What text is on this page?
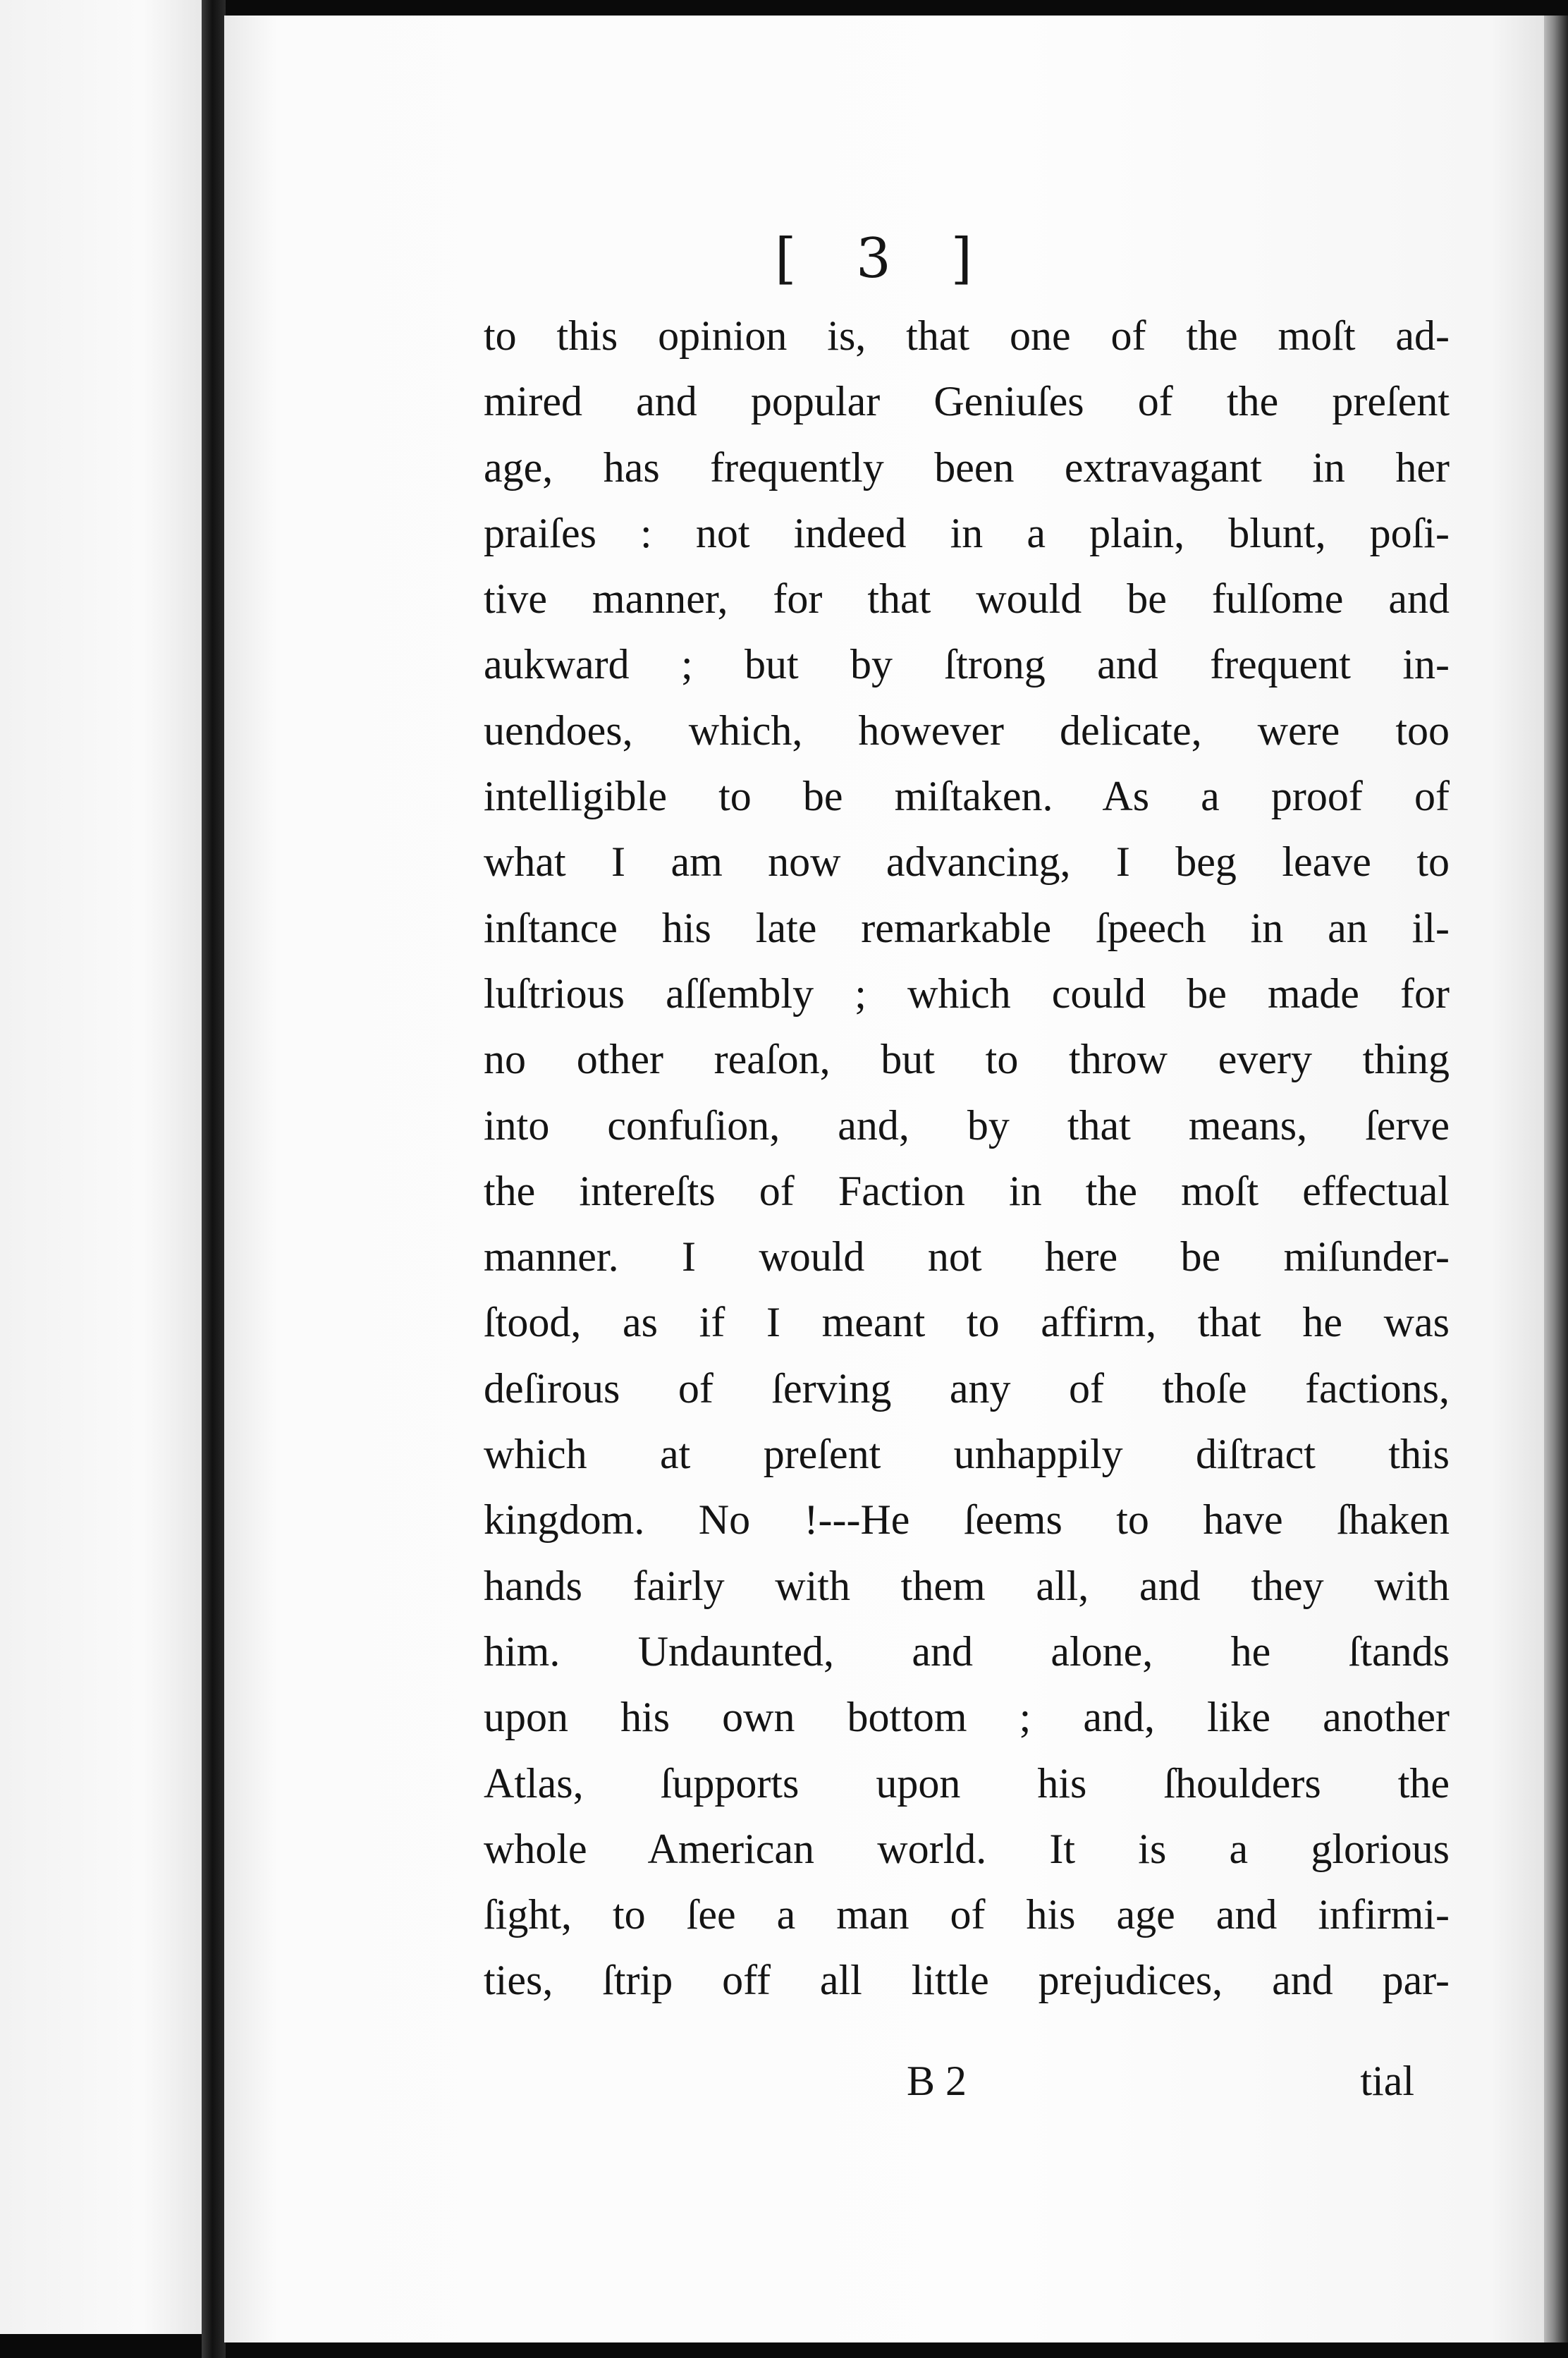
[ 3 ]
to this opinion is, that one of the moſt ad-
mired and popular Geniuſes of the preſent
age, has frequently been extravagant in her
praiſes : not indeed in a plain, blunt, poſi-
tive manner, for that would be fulſome and
aukward ; but by ſtrong and frequent in-
uendoes, which, however delicate, were too
intelligible to be miſtaken. As a proof of
what I am now advancing, I beg leave to
inſtance his late remarkable ſpeech in an il-
luſtrious aſſembly ; which could be made for
no other reaſon, but to throw every thing
into confuſion, and, by that means, ſerve
the intereſts of Faction in the moſt effectual
manner. I would not here be miſunder-
ſtood, as if I meant to affirm, that he was
deſirous of ſerving any of thoſe factions,
which at preſent unhappily diſtract this
kingdom. No !---He ſeems to have ſhaken
hands fairly with them all, and they with
him. Undaunted, and alone, he ſtands
upon his own bottom ; and, like another
Atlas, ſupports upon his ſhoulders the
whole American world. It is a glorious
ſight, to ſee a man of his age and infirmi-
ties, ſtrip off all little prejudices, and par-
B 2	tial
